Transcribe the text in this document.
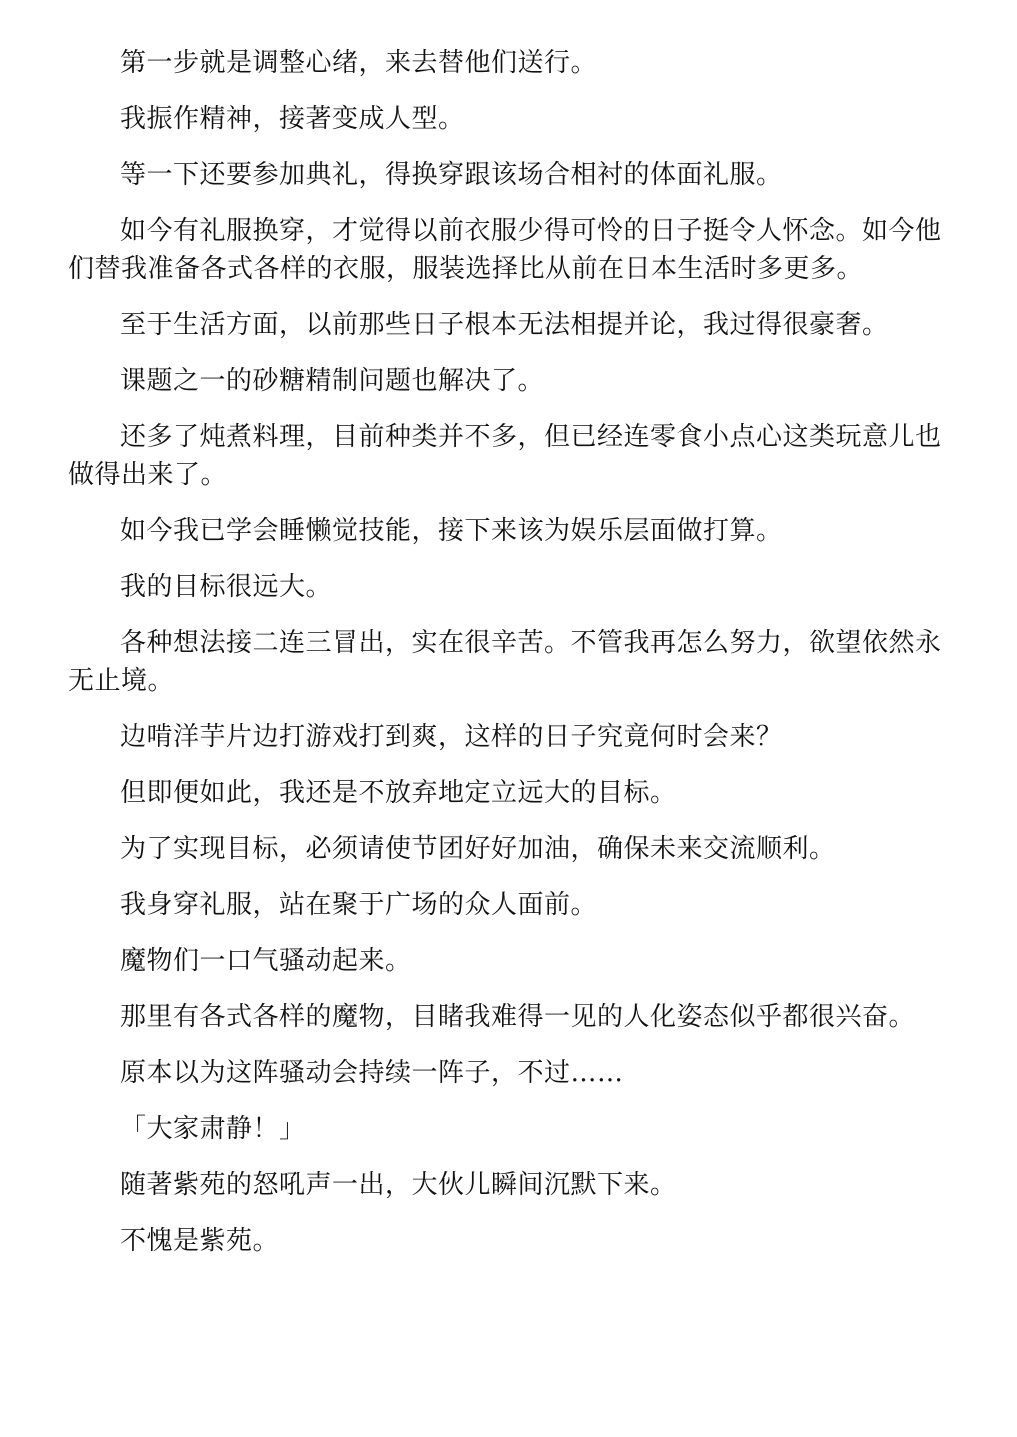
第一步就是调整心绪，来去替他们送行。

我振作精神，接著变成人型。

等一下还要参加典礼，得换穿跟该场合相衬的体面礼服。

如今有礼服换穿，才觉得以前衣服少得可怜的日子挺令人怀念。如今他们替我准备各式各样的衣服，服装选择比从前在日本生活时多更多。

至于生活方面，以前那些日子根本无法相提并论，我过得很豪奢。

课题之一的砂糖精制问题也解决了。

还多了炖煮料理，目前种类并不多，但已经连零食小点心这类玩意儿也做得出来了。

如今我已学会睡懒觉技能，接下来该为娱乐层面做打算。

我的目标很远大。

各种想法接二连三冒出，实在很辛苦。不管我再怎么努力，欲望依然永无止境。

边啃洋芋片边打游戏打到爽，这样的日子究竟何时会来？

但即便如此，我还是不放弃地定立远大的目标。

为了实现目标，必须请使节团好好加油，确保未来交流顺利。

我身穿礼服，站在聚于广场的众人面前。

魔物们一口气骚动起来。

那里有各式各样的魔物，目睹我难得一见的人化姿态似乎都很兴奋。

原本以为这阵骚动会持续一阵子，不过……

「大家肃静！」

随著紫苑的怒吼声一出，大伙儿瞬间沉默下来。

不愧是紫苑。
